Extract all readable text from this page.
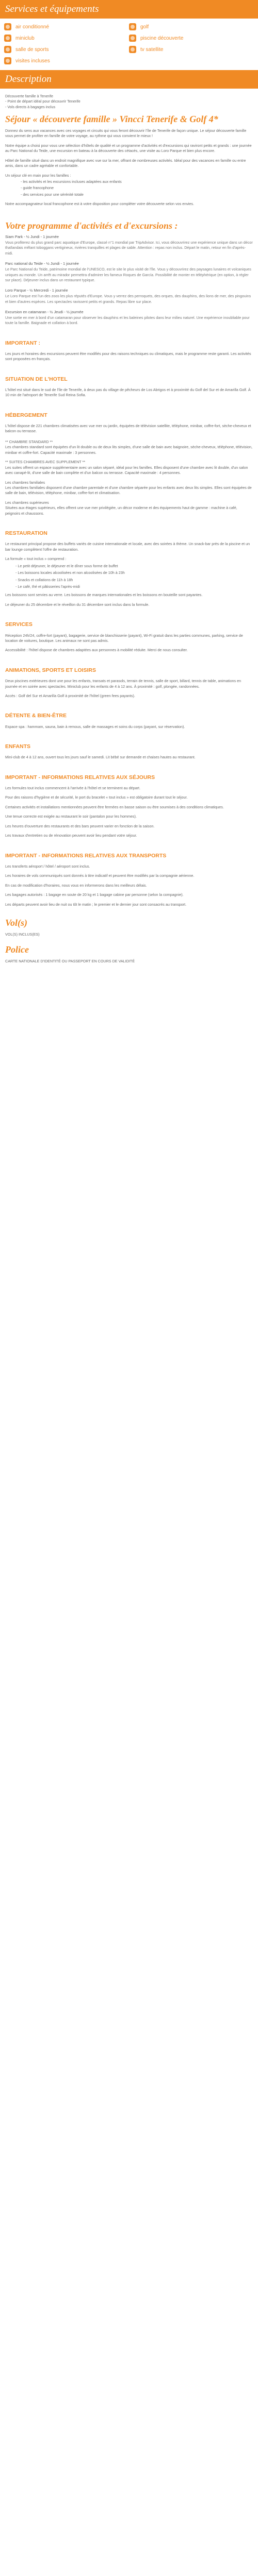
Services et équipements
air conditionné	golf
miniclub	piscine découverte
salle de sports	tv satellite
visites incluses
Description

Découverte famille à Tenerife
- Point de départ idéal pour découvrir Tenerife
- Vols directs à bagages inclus

Séjour « découverte famille » Vincci Tenerife & Golf 4*

Donnez du sens aux vacances avec ces voyages et circuits qui vous feront découvrir l’île de Tenerife de façon unique. Le séjour découverte famille vous permet de profiter en famille de votre voyage, au rythme qui vous convient le mieux !

Notre équipe a choisi pour vous une sélection d'hôtels de qualité et un programme d'activités et d'excursions qui raviront petits et grands : une journée au Parc National du Teide, une excursion en bateau à la découverte des cétacés, une visite au Loro Parque et bien plus encore.

Hôtel de famille situé dans un endroit magnifique avec vue sur la mer, offrant de nombreuses activités. Idéal pour des vacances en famille ou entre amis, dans un cadre agréable et confortable.

Un séjour clé en main pour les familles :

- les activités et les excursions incluses adaptées aux enfants

- guide francophone

- des services pour une sérénité totale

Notre accompagnateur local francophone est à votre disposition pour compléter votre découverte selon vos envies.

Votre programme d'activités et d'excursions :
Siam Park - ½ Jundi - 1 journée
Vous profiterez du plus grand parc aquatique d'Europe, classé n°1 mondial par TripAdvisor. Ici, vous découvrirez une expérience unique dans un décor thaïlandais mêlant toboggans vertigineux, rivières tranquilles et plages de sable. Attention : repas non inclus. Départ le matin, retour en fin d'après-midi.
Parc national du Teide - ½ Jundi - 1 journée
Le Parc National du Teide, patrimoine mondial de l'UNESCO, est le site le plus visité de l'île. Vous y découvrirez des paysages lunaires et volcaniques uniques au monde. Un arrêt au mirador permettra d'admirer les fameux Roques de García. Possibilité de monter en téléphérique (en option, à régler sur place). Déjeuner inclus dans un restaurant typique.
Loro Parque - ½ Mercredi - 1 journée
Le Loro Parque est l'un des zoos les plus réputés d'Europe. Vous y verrez des perroquets, des orques, des dauphins, des lions de mer, des pingouins et bien d'autres espèces. Les spectacles ravissent petits et grands. Repas libre sur place.
Excursion en catamaran - ½ Jeudi - ½ journée
Une sortie en mer à bord d'un catamaran pour observer les dauphins et les baleines pilotes dans leur milieu naturel. Une expérience inoubliable pour toute la famille. Baignade et collation à bord.
IMPORTANT :

Les jours et horaires des excursions peuvent être modifiés pour des raisons techniques ou climatiques, mais le programme reste garanti. Les activités sont proposées en français.

SITUATION DE L'HOTEL

L'hôtel est situé dans le sud de l'île de Tenerife, à deux pas du village de pêcheurs de Los Abrigos et à proximité du Golf del Sur et de Amarilla Golf. À 10 min de l'aéroport de Tenerife Sud Reina Sofia.

HÉBERGEMENT

L'hôtel dispose de 221 chambres climatisées avec vue mer ou jardin, équipées de télévision satellite, téléphone, minibar, coffre-fort, sèche-cheveux et balcon ou terrasse.

** CHAMBRE STANDARD **

Les chambres standard sont équipées d'un lit double ou de deux lits simples, d'une salle de bain avec baignoire, sèche-cheveux, téléphone, télévision, minibar et coffre-fort. Capacité maximale : 3 personnes.

** SUITES CHAMBRES AVEC SUPPLEMENT **

Les suites offrent un espace supplémentaire avec un salon séparé, idéal pour les familles. Elles disposent d'une chambre avec lit double, d'un salon avec canapé-lit, d'une salle de bain complète et d'un balcon ou terrasse. Capacité maximale : 4 personnes.

Les chambres familiales

Les chambres familiales disposent d'une chambre parentale et d'une chambre séparée pour les enfants avec deux lits simples. Elles sont équipées de salle de bain, télévision, téléphone, minibar, coffre-fort et climatisation.

Les chambres supérieures

Situées aux étages supérieurs, elles offrent une vue mer privilégiée, un décor moderne et des équipements haut de gamme : machine à café, peignoirs et chaussons.

RESTAURATION

Le restaurant principal propose des buffets variés de cuisine internationale et locale, avec des soirées à thème. Un snack-bar près de la piscine et un bar lounge complètent l'offre de restauration.

La formule « tout inclus » comprend :

- Le petit déjeuner, le déjeuner et le dîner sous forme de buffet
- Les boissons locales alcoolisées et non alcoolisées de 10h à 23h
- Snacks et collations de 11h à 18h
- Le café, thé et pâtisseries l'après-midi

Les boissons sont servies au verre. Les boissons de marques internationales et les boissons en bouteille sont payantes.

Le déjeuner du 25 décembre et le réveillon du 31 décembre sont inclus dans la formule.

SERVICES

Réception 24h/24, coffre-fort (payant), bagagerie, service de blanchisserie (payant), Wi-Fi gratuit dans les parties communes, parking, service de location de voitures, boutique. Les animaux ne sont pas admis.

Accessibilité : l'hôtel dispose de chambres adaptées aux personnes à mobilité réduite. Merci de nous consulter.

ANIMATIONS, SPORTS ET LOISIRS

Deux piscines extérieures dont une pour les enfants, transats et parasols, terrain de tennis, salle de sport, billard, tennis de table, animations en journée et en soirée avec spectacles. Miniclub pour les enfants de 4 à 12 ans. À proximité : golf, plongée, randonnées.

Accès : Golf del Sur et Amarilla Golf à proximité de l'hôtel (green fees payants).

DÉTENTE & BIEN-ÊTRE

Espace spa : hammam, sauna, bain à remous, salle de massages et soins du corps (payant, sur réservation).

ENFANTS

Mini-club de 4 à 12 ans, ouvert tous les jours sauf le samedi. Lit bébé sur demande et chaises hautes au restaurant.

IMPORTANT - INFORMATIONS RELATIVES AUX SÉJOURS

Les formules tout inclus commencent à l'arrivée à l'hôtel et se terminent au départ.

Pour des raisons d'hygiène et de sécurité, le port du bracelet « tout inclus » est obligatoire durant tout le séjour.

Certaines activités et installations mentionnées peuvent être fermées en basse saison ou être soumises à des conditions climatiques.

Une tenue correcte est exigée au restaurant le soir (pantalon pour les hommes).

Les heures d'ouverture des restaurants et des bars peuvent varier en fonction de la saison.

Les travaux d'entretien ou de rénovation peuvent avoir lieu pendant votre séjour.

IMPORTANT - INFORMATIONS RELATIVES AUX TRANSPORTS

Les transferts aéroport / hôtel / aéroport sont inclus.

Les horaires de vols communiqués sont donnés à titre indicatif et peuvent être modifiés par la compagnie aérienne.

En cas de modification d'horaires, nous vous en informerons dans les meilleurs délais.

Les bagages autorisés : 1 bagage en soute de 20 kg et 1 bagage cabine par personne (selon la compagnie).

Les départs peuvent avoir lieu de nuit ou tôt le matin ; le premier et le dernier jour sont consacrés au transport.

Vol(s)

VOL(S) INCLUS(ES)

Police

CARTE NATIONALE D'IDENTITÉ OU PASSEPORT EN COURS DE VALIDITÉ
